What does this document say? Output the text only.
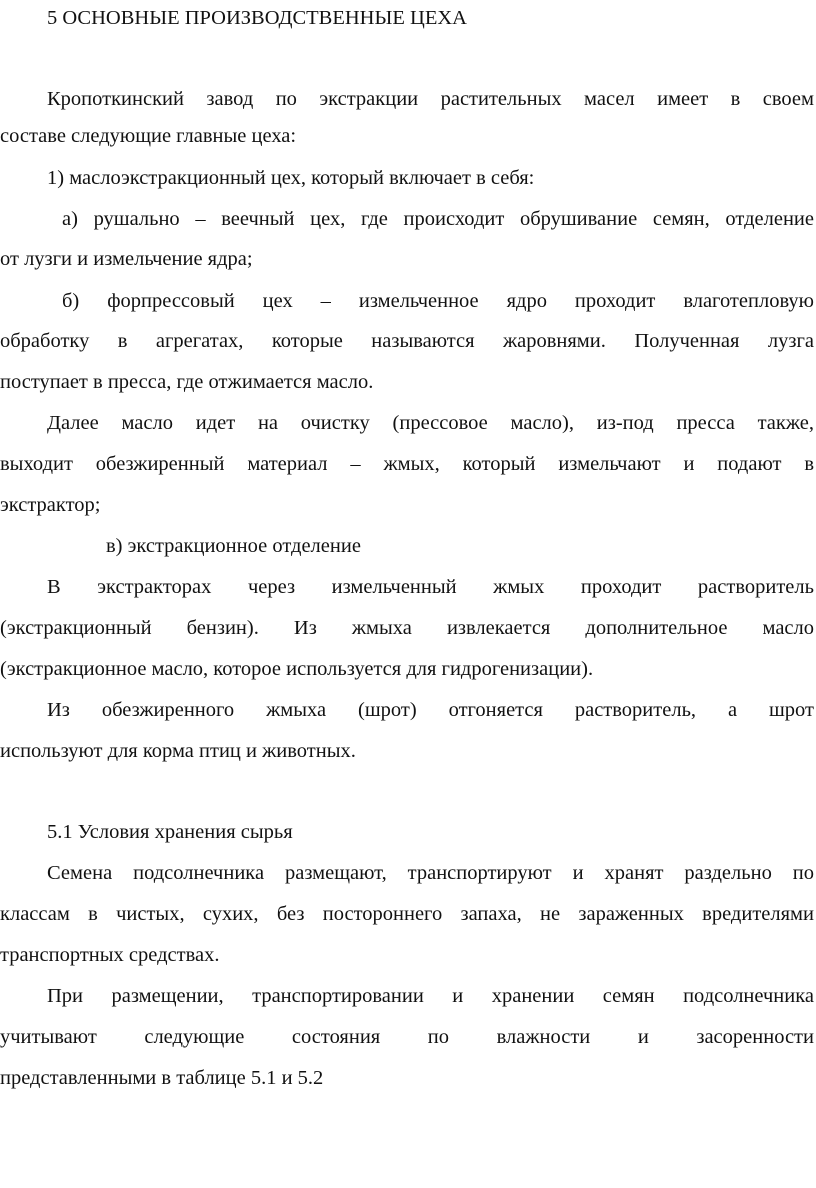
5 ОСНОВНЫЕ ПРОИЗВОДСТВЕННЫЕ ЦЕХА
Кропоткинский завод по экстракции растительных масел имеет в своем
составе следующие главные цеха:
1) маслоэкстракционный цех, который включает в себя:
а) рушально – веечный цех, где происходит обрушивание семян, отделение
от лузги и измельчение ядра;
б) форпрессовый цех – измельченное ядро проходит влаготепловую
обработку в агрегатах, которые называются жаровнями. Полученная лузга
поступает в пресса, где отжимается масло.
Далее масло идет на очистку (прессовое масло), из-под пресса также,
выходит обезжиренный материал – жмых, который измельчают и подают в
экстрактор;
в) экстракционное отделение
В экстракторах через измельченный жмых проходит растворитель
(экстракционный бензин). Из жмыха извлекается дополнительное масло
(экстракционное масло, которое используется для гидрогенизации).
Из обезжиренного жмыха (шрот) отгоняется растворитель, а шрот
используют для корма птиц и животных.
5.1 Условия хранения сырья
Семена подсолнечника размещают, транспортируют и хранят раздельно по
классам в чистых, сухих, без постороннего запаха, не зараженных вредителями
транспортных средствах.
При размещении, транспортировании и хранении семян подсолнечника
учитывают следующие состояния по влажности и засоренности
представленными в таблице 5.1 и 5.2
